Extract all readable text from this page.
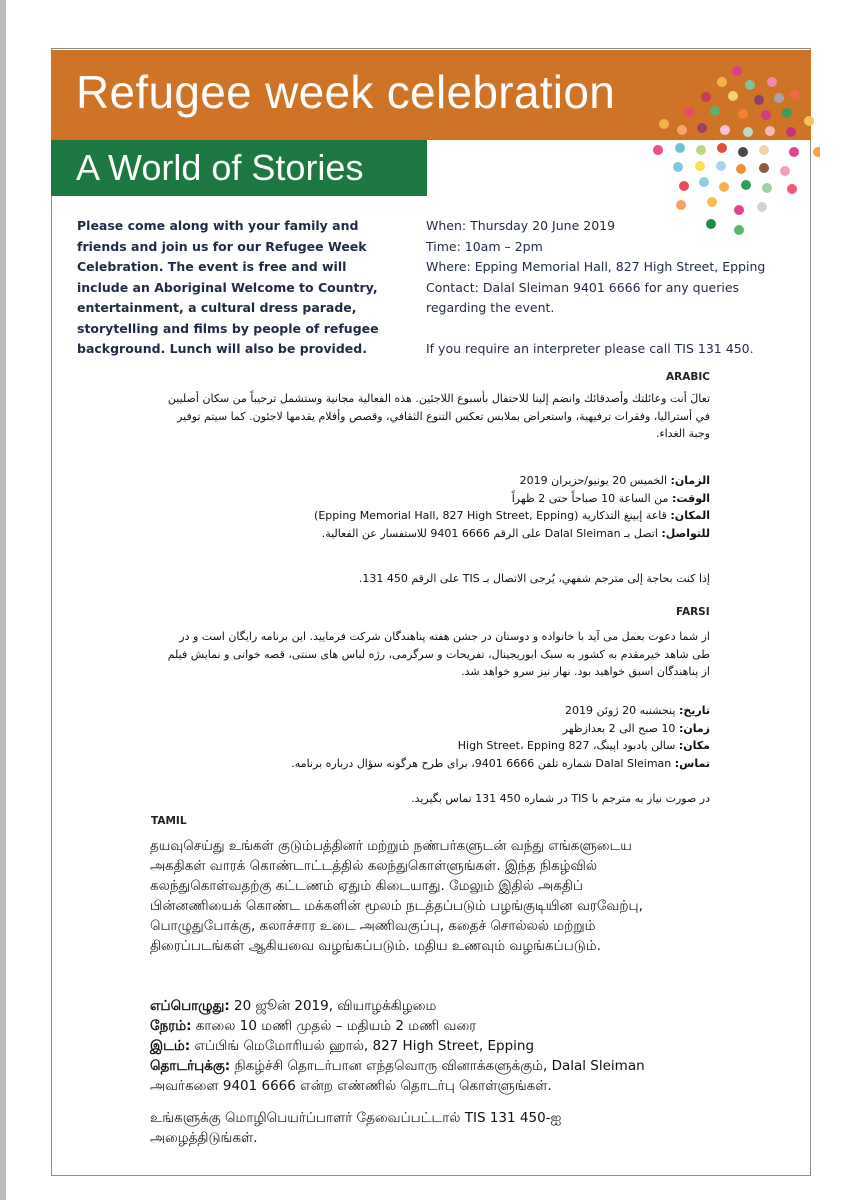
Refugee week celebration
A World of Stories

Please come along with your family and friends and join us for our Refugee Week Celebration. The event is free and will include an Aboriginal Welcome to Country, entertainment, a cultural dress parade, storytelling and films by people of refugee background. Lunch will also be provided.

When: Thursday 20 June 2019
Time: 10am – 2pm
Where: Epping Memorial Hall, 827 High Street, Epping
Contact: Dalal Sleiman 9401 6666 for any queries
regarding the event.
If you require an interpreter please call TIS 131 450.
ARABIC

تعالَ أنت وعائلتك وأصدقائك وانضم إلينا للاحتفال بأسبوع اللاجئين. هذه الفعالية مجانية وستشمل ترحيباً من سكان أصليين في أستراليا، وفقرات ترفيهية، واستعراض بملابس تعكس التنوع الثقافي، وقصص وأفلام يقدمها لاجئون. كما سيتم توفير وجبة الغداء.

الزمان: الخميس 20 يونيو/حزيران 2019

الوقت: من الساعة 10 صباحاً حتى 2 ظهراً

المكان: قاعة إبينغ التذكارية (Epping Memorial Hall, 827 High Street, Epping)

للتواصل: اتصل بـ Dalal Sleiman على الرقم 6666 9401 للاستفسار عن الفعالية.

إذا كنت بحاجة إلى مترجم شفهي، يُرجى الاتصال بـ TIS على الرقم 450 131.
FARSI

از شما دعوت بعمل می آید با خانواده و دوستان در جشن هفته پناهندگان شرکت فرمایید. این برنامه رایگان است و در طی شاهد خیرمقدم به کشور به سبک ابوریجینال، تفریحات و سرگرمی، رژه لباس های سنتی، قصه خوانی و نمایش فیلم از پناهندگان اسبق خواهید بود. نهار نیز سرو خواهد شد.

تاریخ: پنجشنبه 20 ژوئن 2019

زمان: 10 صبح الی 2 بعدازظهر

مکان: سالن یادبود اپینگ، 827 High Street، Epping

تماس: Dalal Sleiman شماره تلفن 6666 9401، برای طرح هرگونه سؤال درباره برنامه.

در صورت نیاز به مترجم با TIS در شماره 450 131 تماس بگیرید.
TAMIL

தயவுசெய்து உங்கள் குடும்பத்தினர் மற்றும் நண்பர்களுடன் வந்து எங்களுடைய அகதிகள் வாரக் கொண்டாட்டத்தில் கலந்துகொள்ளுங்கள். இந்த நிகழ்வில் கலந்துகொள்வதற்கு கட்டணம் ஏதும் கிடையாது. மேலும் இதில் அகதிப் பின்னணியைக் கொண்ட மக்களின் மூலம் நடத்தப்படும் பழங்குடியின வரவேற்பு, பொழுதுபோக்கு, கலாச்சார உடை அணிவகுப்பு, கதைச் சொல்லல் மற்றும் திரைப்படங்கள் ஆகியவை வழங்கப்படும். மதிய உணவும் வழங்கப்படும்.

எப்பொழுது: 20 ஜூன் 2019, வியாழக்கிழமை

நேரம்: காலை 10 மணி முதல் – மதியம் 2 மணி வரை

இடம்: எப்பிங் மெமோரியல் ஹால், 827 High Street, Epping

தொடர்புக்கு: நிகழ்ச்சி தொடர்பான எந்தவொரு வினாக்களுக்கும், Dalal Sleiman அவர்களை 9401 6666 என்ற எண்ணில் தொடர்பு கொள்ளுங்கள்.

உங்களுக்கு மொழிபெயர்ப்பாளர் தேவைப்பட்டால் TIS 131 450-ஐ அழைத்திடுங்கள்.
